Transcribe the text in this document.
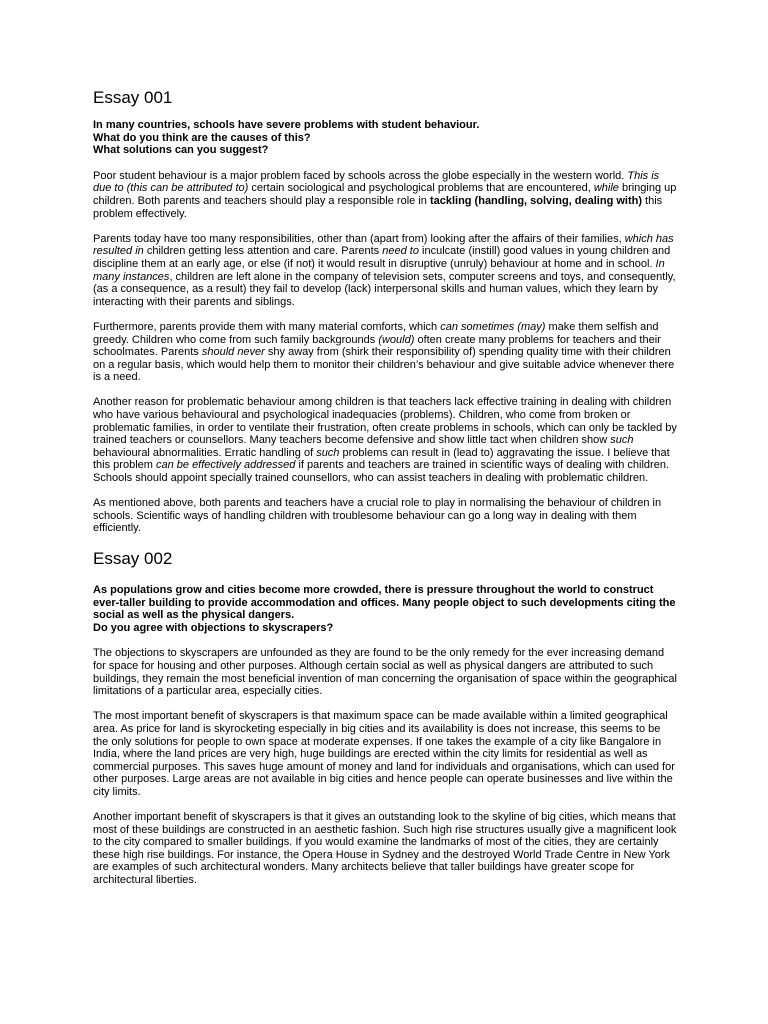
Essay 001
In many countries, schools have severe problems with student behaviour.
What do you think are the causes of this?
What solutions can you suggest?

Poor student behaviour is a major problem faced by schools across the globe especially in the western world. This is due to (this can be attributed to) certain sociological and psychological problems that are encountered, while bringing up children. Both parents and teachers should play a responsible role in tackling (handling, solving, dealing with) this problem effectively.

Parents today have too many responsibilities, other than (apart from) looking after the affairs of their families, which has resulted in children getting less attention and care. Parents need to inculcate (instill) good values in young children and discipline them at an early age, or else (if not) it would result in disruptive (unruly) behaviour at home and in school. In many instances, children are left alone in the company of television sets, computer screens and toys, and consequently, (as a consequence, as a result) they fail to develop (lack) interpersonal skills and human values, which they learn by interacting with their parents and siblings.

Furthermore, parents provide them with many material comforts, which can sometimes (may) make them selfish and greedy. Children who come from such family backgrounds (would) often create many problems for teachers and their schoolmates. Parents should never shy away from (shirk their responsibility of) spending quality time with their children on a regular basis, which would help them to monitor their children’s behaviour and give suitable advice whenever there is a need.

Another reason for problematic behaviour among children is that teachers lack effective training in dealing with children who have various behavioural and psychological inadequacies (problems). Children, who come from broken or problematic families, in order to ventilate their frustration, often create problems in schools, which can only be tackled by trained teachers or counsellors. Many teachers become defensive and show little tact when children show such behavioural abnormalities. Erratic handling of such problems can result in (lead to) aggravating the issue. I believe that this problem can be effectively addressed if parents and teachers are trained in scientific ways of dealing with children. Schools should appoint specially trained counsellors, who can assist teachers in dealing with problematic children.

As mentioned above, both parents and teachers have a crucial role to play in normalising the behaviour of children in schools. Scientific ways of handling children with troublesome behaviour can go a long way in dealing with them efficiently.

Essay 002
As populations grow and cities become more crowded, there is pressure throughout the world to construct ever-taller building to provide accommodation and offices. Many people object to such developments citing the social as well as the physical dangers.
Do you agree with objections to skyscrapers?

The objections to skyscrapers are unfounded as they are found to be the only remedy for the ever increasing demand for space for housing and other purposes. Although certain social as well as physical dangers are attributed to such buildings, they remain the most beneficial invention of man concerning the organisation of space within the geographical limitations of a particular area, especially cities.

The most important benefit of skyscrapers is that maximum space can be made available within a limited geographical area. As price for land is skyrocketing especially in big cities and its availability is does not increase, this seems to be the only solutions for people to own space at moderate expenses. If one takes the example of a city like Bangalore in India, where the land prices are very high, huge buildings are erected within the city limits for residential as well as commercial purposes. This saves huge amount of money and land for individuals and organisations, which can used for other purposes. Large areas are not available in big cities and hence people can operate businesses and live within the city limits.

Another important benefit of skyscrapers is that it gives an outstanding look to the skyline of big cities, which means that most of these buildings are constructed in an aesthetic fashion. Such high rise structures usually give a magnificent look to the city compared to smaller buildings. If you would examine the landmarks of most of the cities, they are certainly these high rise buildings. For instance, the Opera House in Sydney and the destroyed World Trade Centre in New York are examples of such architectural wonders. Many architects believe that taller buildings have greater scope for architectural liberties.
